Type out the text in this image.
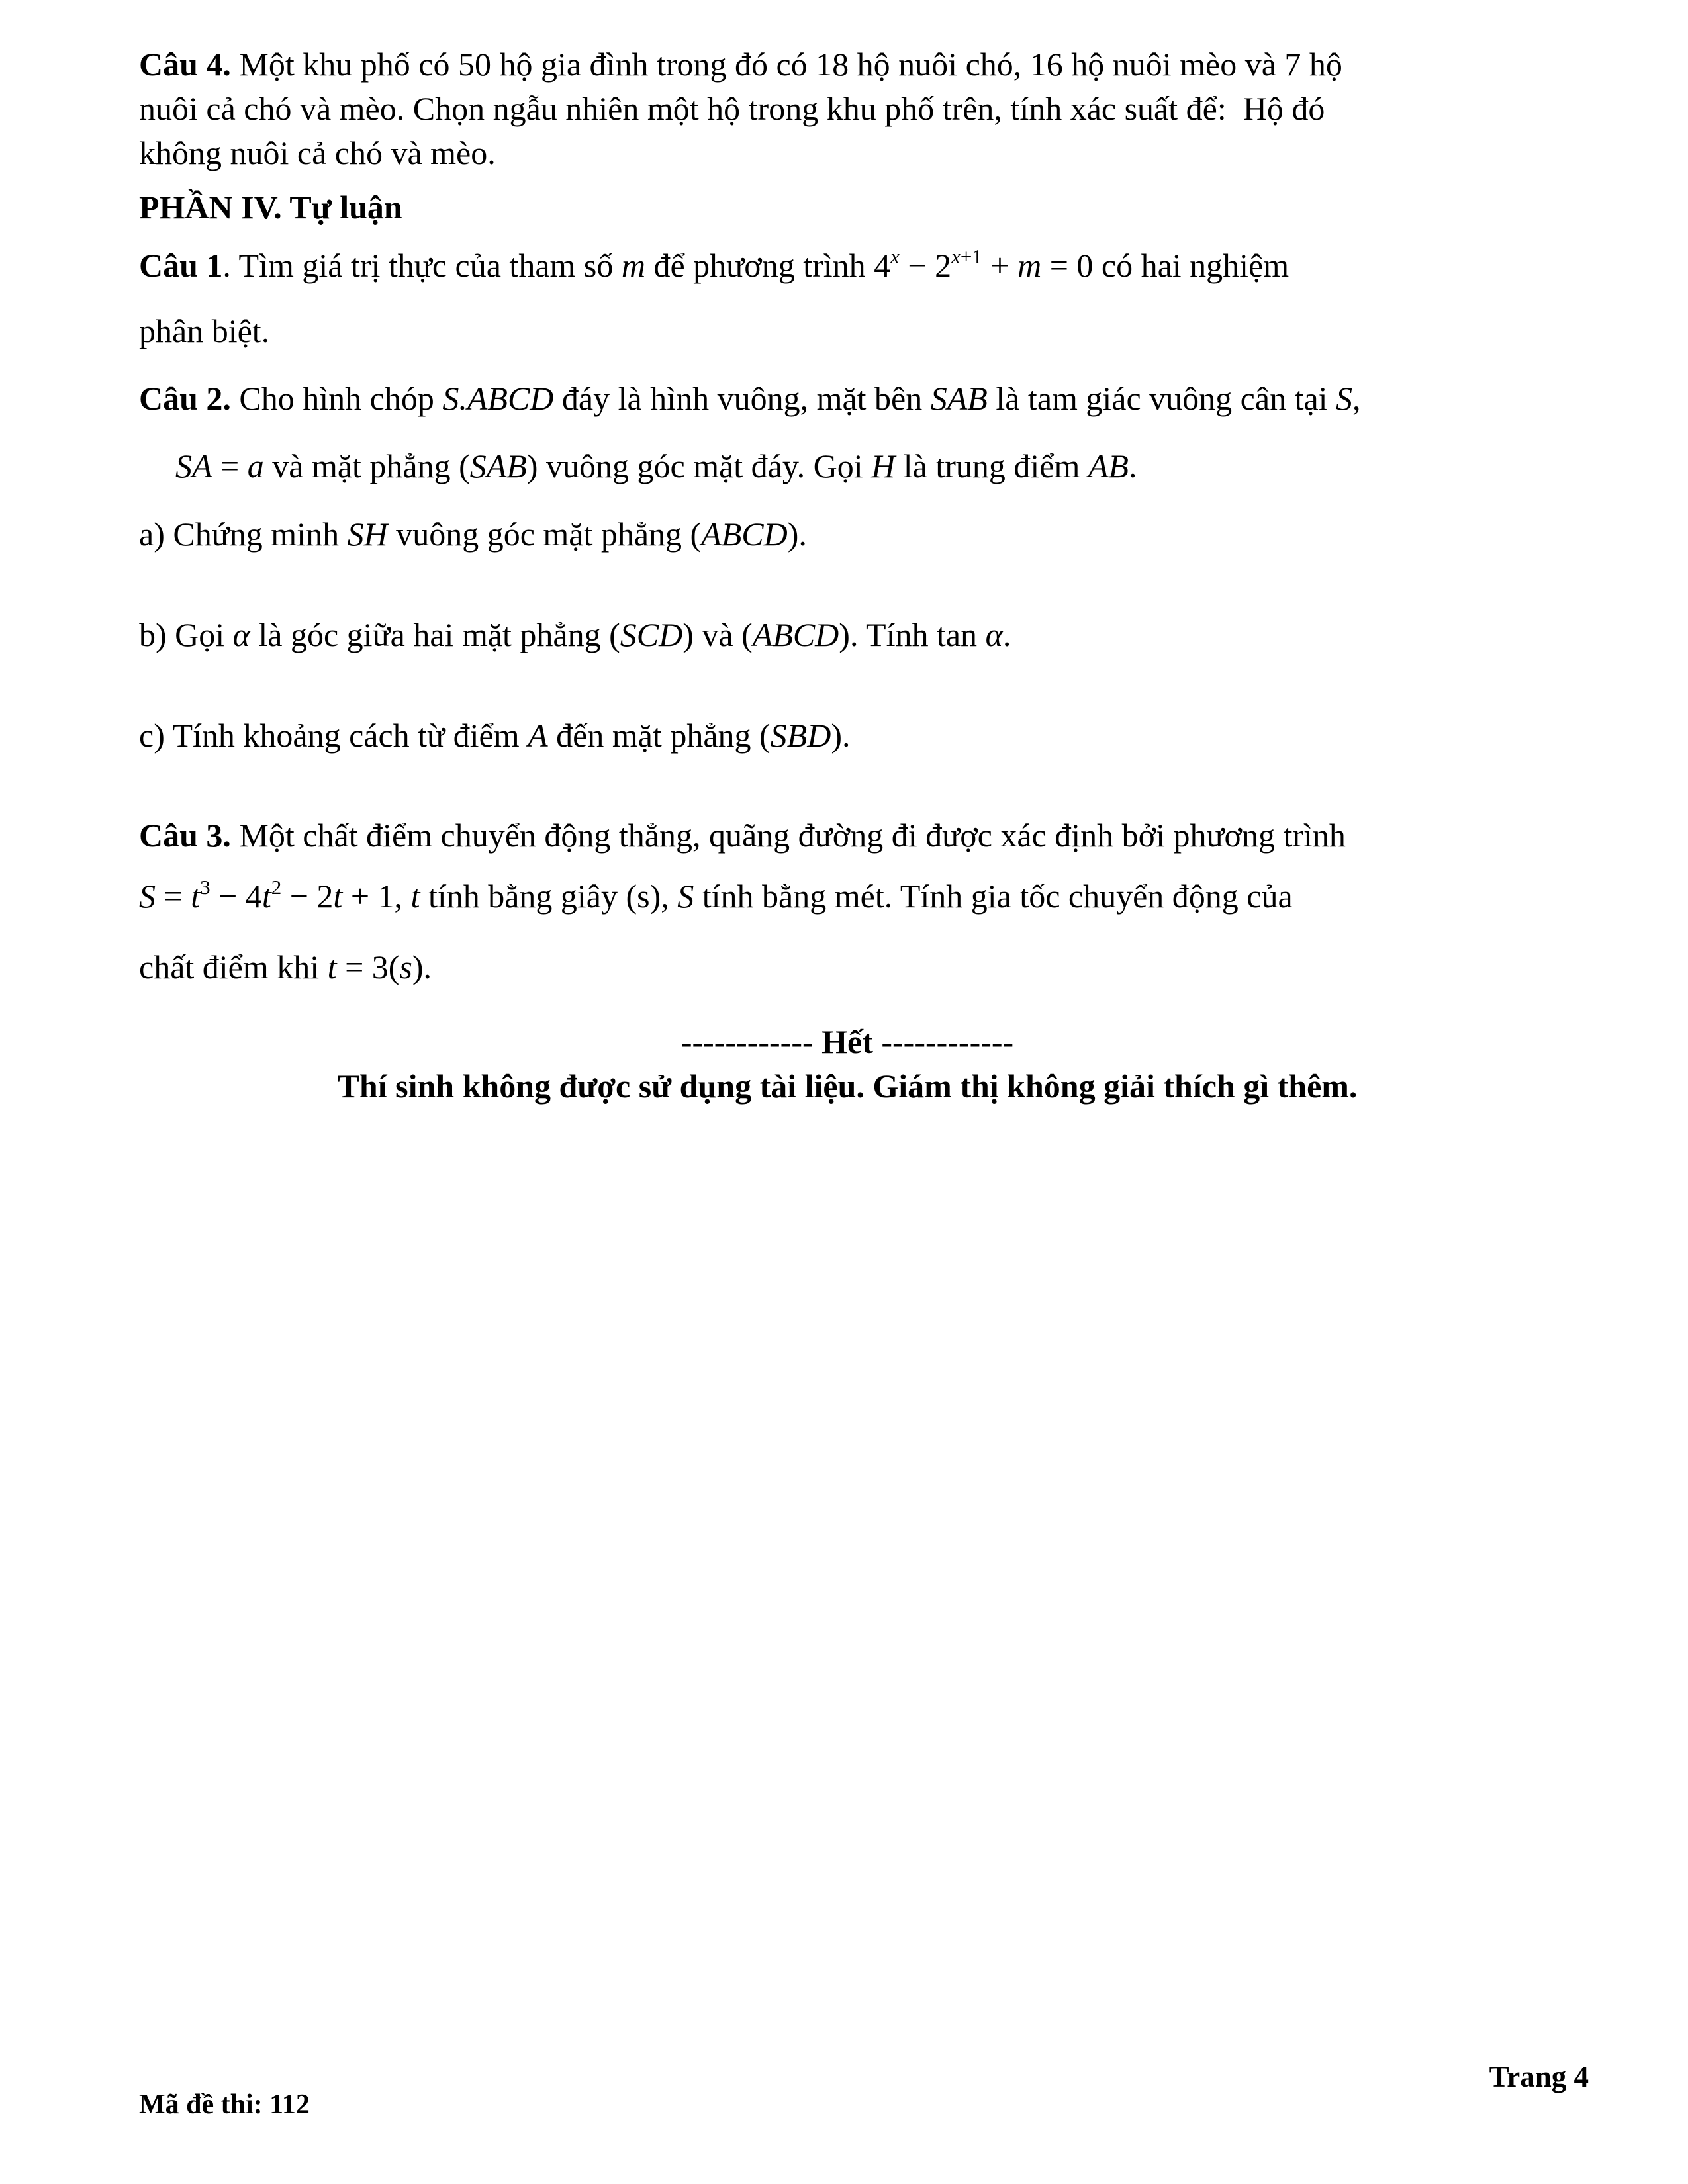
Câu 4. Một khu phố có 50 hộ gia đình trong đó có 18 hộ nuôi chó, 16 hộ nuôi mèo và 7 hộ
nuôi cả chó và mèo. Chọn ngẫu nhiên một hộ trong khu phố trên, tính xác suất để:  Hộ đó
không nuôi cả chó và mèo.
PHẦN IV. Tự luận
Câu 1. Tìm giá trị thực của tham số m để phương trình $4^x - 2^{x+1} + m = 0$ có hai nghiệm
phân biệt.
Câu 2. Cho hình chóp S.ABCD đáy là hình vuông, mặt bên SAB là tam giác vuông cân tại S,
SA = a và mặt phẳng (SAB) vuông góc mặt đáy. Gọi H là trung điểm AB.
a) Chứng minh SH vuông góc mặt phẳng (ABCD).
b) Gọi α là góc giữa hai mặt phẳng (SCD) và (ABCD). Tính tan α.
c) Tính khoảng cách từ điểm A đến mặt phẳng (SBD).
Câu 3. Một chất điểm chuyển động thẳng, quãng đường đi được xác định bởi phương trình
$S = t^3 - 4t^2 - 2t + 1$, t tính bằng giây (s), S tính bằng mét. Tính gia tốc chuyển động của
chất điểm khi t = 3(s).
------------ Hết ------------
Thí sinh không được sử dụng tài liệu. Giám thị không giải thích gì thêm.
Trang 4
Mã đề thi: 112
